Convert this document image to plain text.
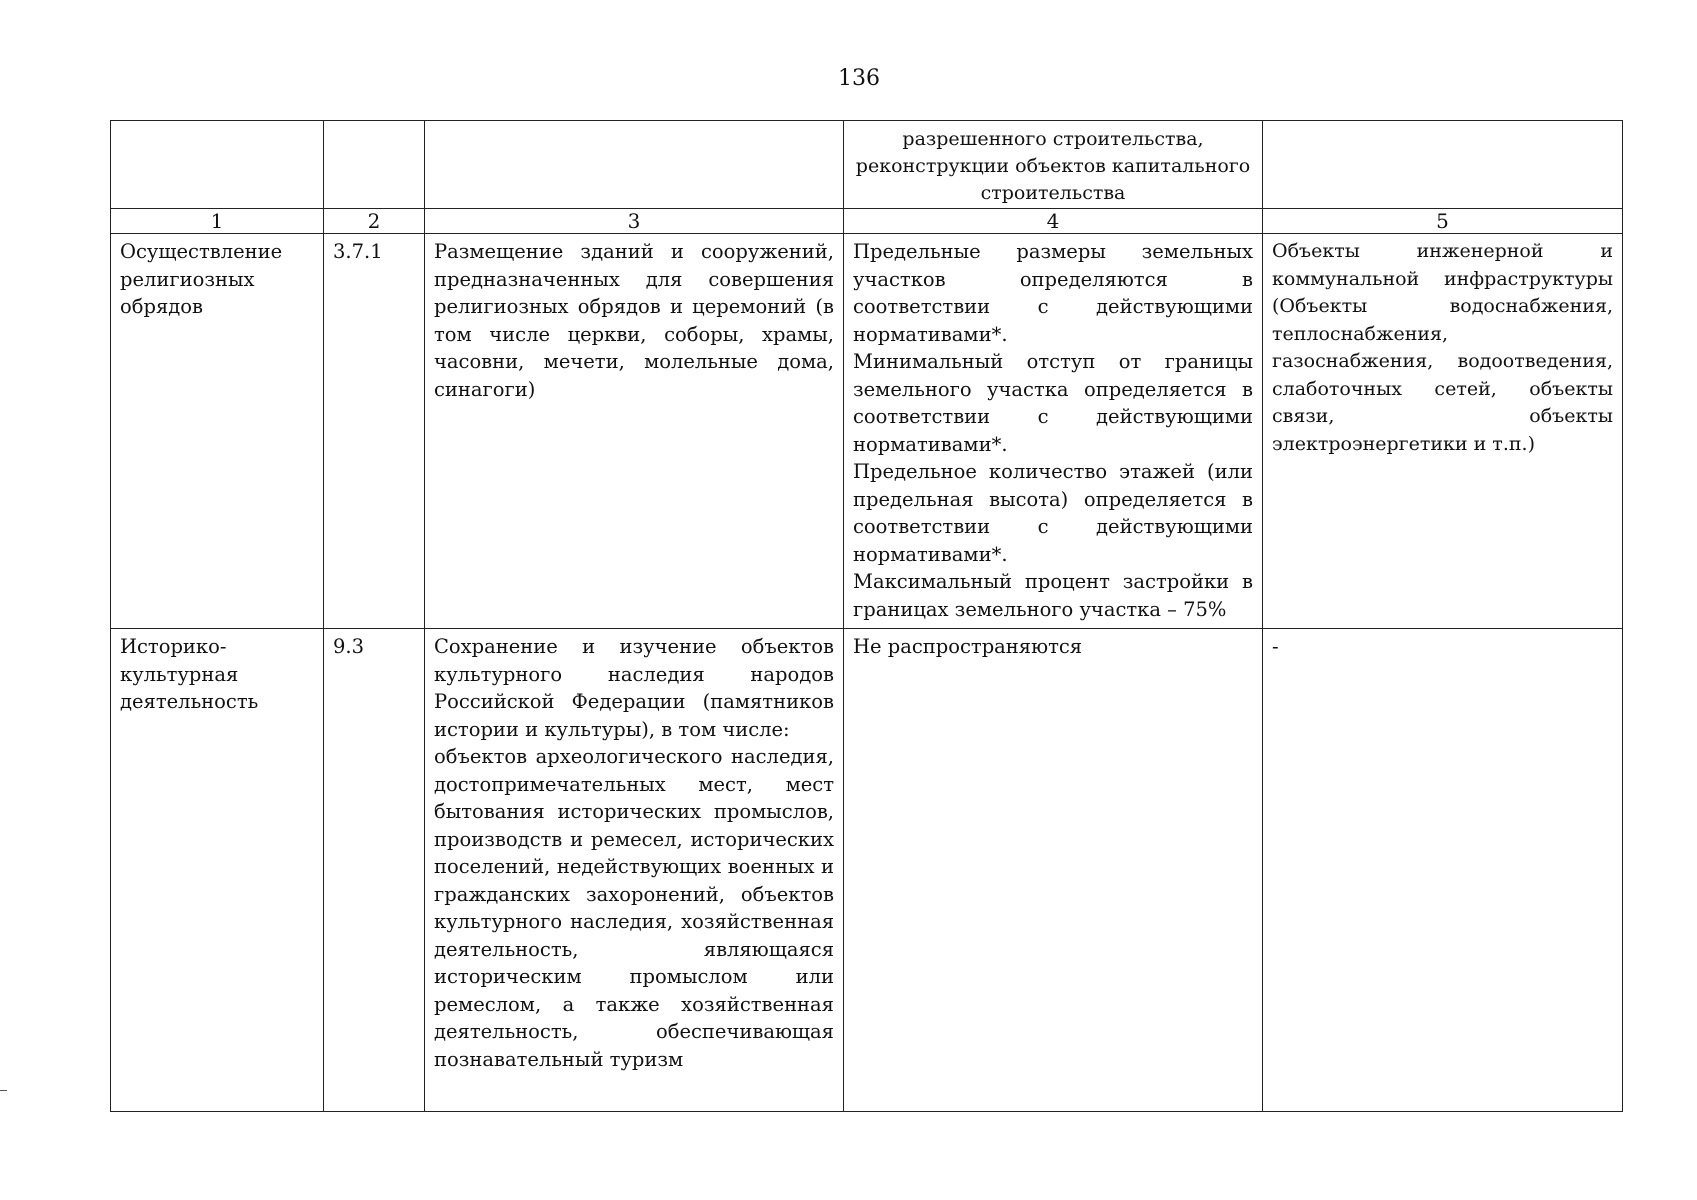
136
			разрешенного строительства, реконструкции объектов капитального строительства	
1	2	3	4	5
Осуществление религиозных обрядов	3.7.1	Размещение зданий и сооружений, предназначенных для совершения религиозных обрядов и церемоний (в том числе церкви, соборы, храмы, часовни, мечети, молельные дома, синагоги)	Предельные размеры земельных участков определяются в соответствии с действующими нормативами*.
Минимальный отступ от границы земельного участка определяется в соответствии с действующими нормативами*.
Предельное количество этажей (или предельная высота) определяется в соответствии с действующими нормативами*.
Максимальный процент застройки в границах земельного участка – 75%	Объекты инженерной и коммунальной инфраструктуры (Объекты водоснабжения, теплоснабжения, газоснабжения, водоотведения, слаботочных сетей, объекты связи, объекты электроэнергетики и т.п.)
Историко-культурная деятельность	9.3	Сохранение и изучение объектов культурного наследия народов Российской Федерации (памятников истории и культуры), в том числе:
объектов археологического наследия, достопримечательных мест, мест бытования исторических промыслов, производств и ремесел, исторических поселений, недействующих военных и гражданских захоронений, объектов культурного наследия, хозяйственная деятельность, являющаяся историческим промыслом или ремеслом, а также хозяйственная деятельность, обеспечивающая познавательный туризм	Не распространяются	-
